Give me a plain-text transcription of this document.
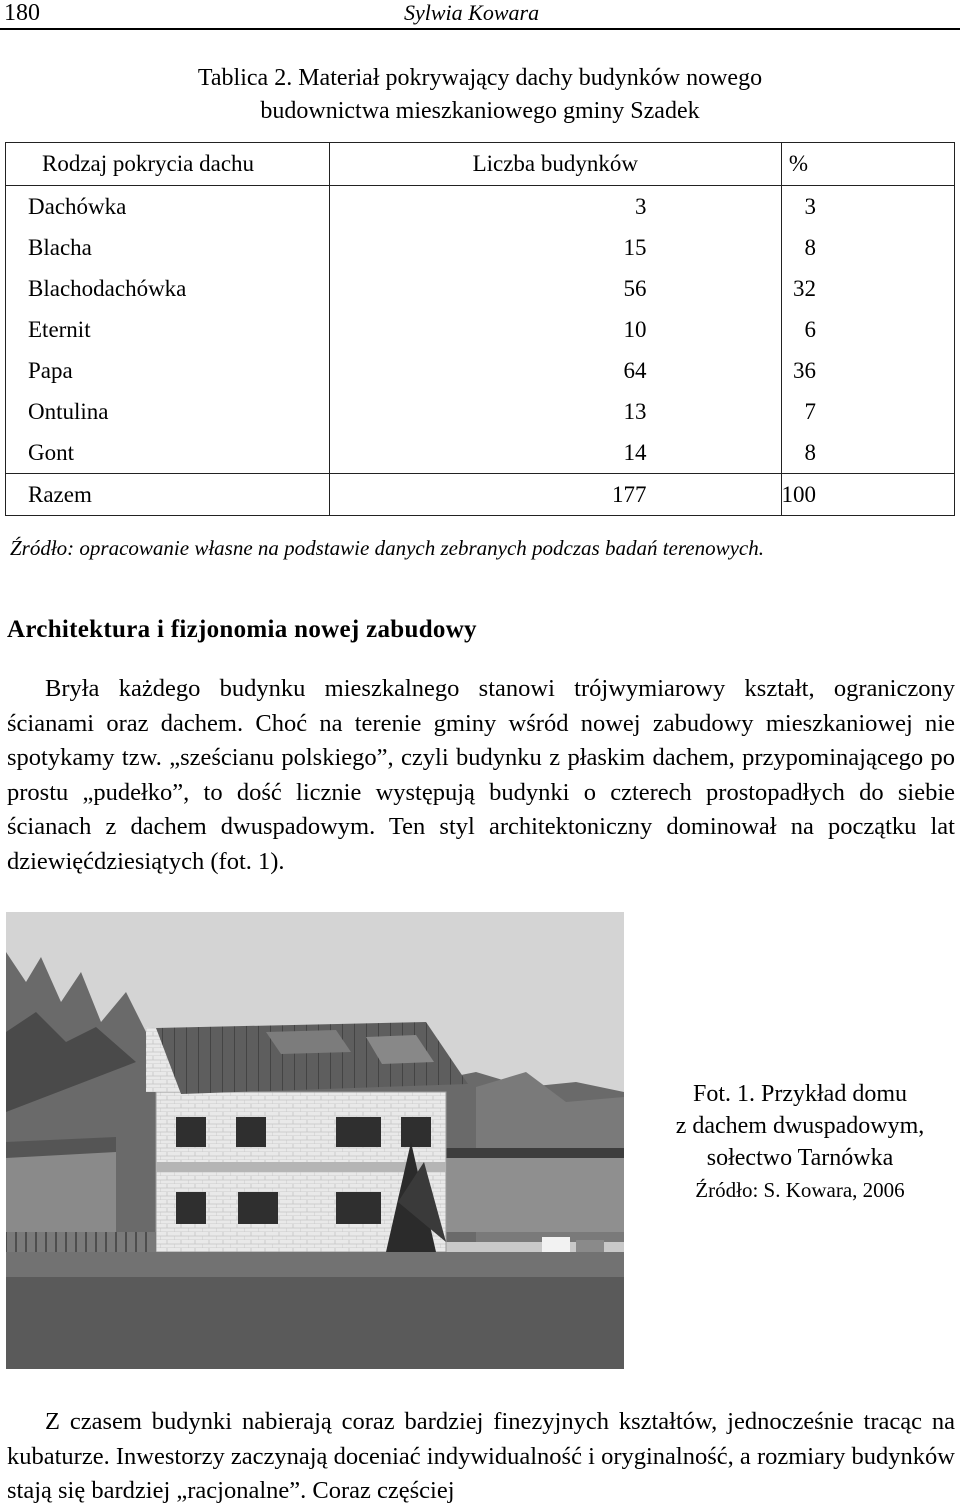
180	Sylwia Kowara
Tablica 2. Materiał pokrywający dachy budynków nowego
budownictwa mieszkaniowego gminy Szadek
Rodzaj pokrycia dachu	Liczba budynków	%
Dachówka	3	3
Blacha	15	8
Blachodachówka	56	32
Eternit	10	6
Papa	64	36
Ontulina	13	7
Gont	14	8
Razem	177	100
Źródło: opracowanie własne na podstawie danych zebranych podczas badań terenowych.
Architektura i fizjonomia nowej zabudowy

Bryła każdego budynku mieszkalnego stanowi trójwymiarowy kształt, ograniczony ścianami oraz dachem. Choć na terenie gminy wśród nowej zabudowy mieszkaniowej nie spotykamy tzw. „sześcianu polskiego”, czyli budynku z płaskim dachem, przypominającego po prostu „pudełko”, to dość licznie występują budynki o czterech prostopadłych do siebie ścianach z dachem dwuspadowym. Ten styl architektoniczny dominował na początku lat dziewięćdziesiątych (fot. 1).

Fot. 1. Przykład domu
z dachem dwuspadowym,
sołectwo Tarnówka
Źródło: S. Kowara, 2006

Z czasem budynki nabierają coraz bardziej finezyjnych kształtów, jednocześnie tracąc na kubaturze. Inwestorzy zaczynają doceniać indywidualność i oryginalność, a rozmiary budynków stają się bardziej „racjonalne”. Coraz częściej
